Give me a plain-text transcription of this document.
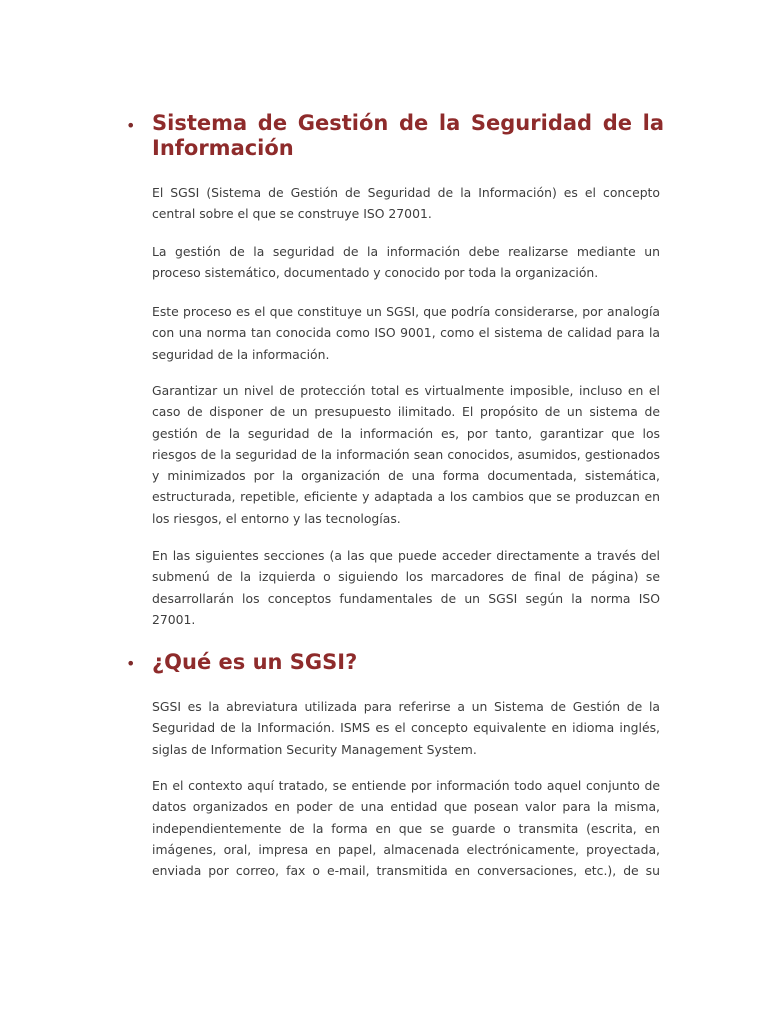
• Sistema de Gestión de la Seguridad de la Información

El SGSI (Sistema de Gestión de Seguridad de la Información) es el concepto central sobre el que se construye ISO 27001.

La gestión de la seguridad de la información debe realizarse mediante un proceso sistemático, documentado y conocido por toda la organización.

Este proceso es el que constituye un SGSI, que podría considerarse, por analogía con una norma tan conocida como ISO 9001, como el sistema de calidad para la seguridad de la información.

Garantizar un nivel de protección total es virtualmente imposible, incluso en el caso de disponer de un presupuesto ilimitado. El propósito de un sistema de gestión de la seguridad de la información es, por tanto, garantizar que los riesgos de la seguridad de la información sean conocidos, asumidos, gestionados y minimizados por la organización de una forma documentada, sistemática, estructurada, repetible, eficiente y adaptada a los cambios que se produzcan en los riesgos, el entorno y las tecnologías.

En las siguientes secciones (a las que puede acceder directamente a través del submenú de la izquierda o siguiendo los marcadores de final de página) se desarrollarán los conceptos fundamentales de un SGSI según la norma ISO 27001.

• ¿Qué es un SGSI?

SGSI es la abreviatura utilizada para referirse a un Sistema de Gestión de la Seguridad de la Información. ISMS es el concepto equivalente en idioma inglés, siglas de Information Security Management System.

En el contexto aquí tratado, se entiende por información todo aquel conjunto de datos organizados en poder de una entidad que posean valor para la misma, independientemente de la forma en que se guarde o transmita (escrita, en imágenes, oral, impresa en papel, almacenada electrónicamente, proyectada, enviada por correo, fax o e-mail, transmitida en conversaciones, etc.), de su
